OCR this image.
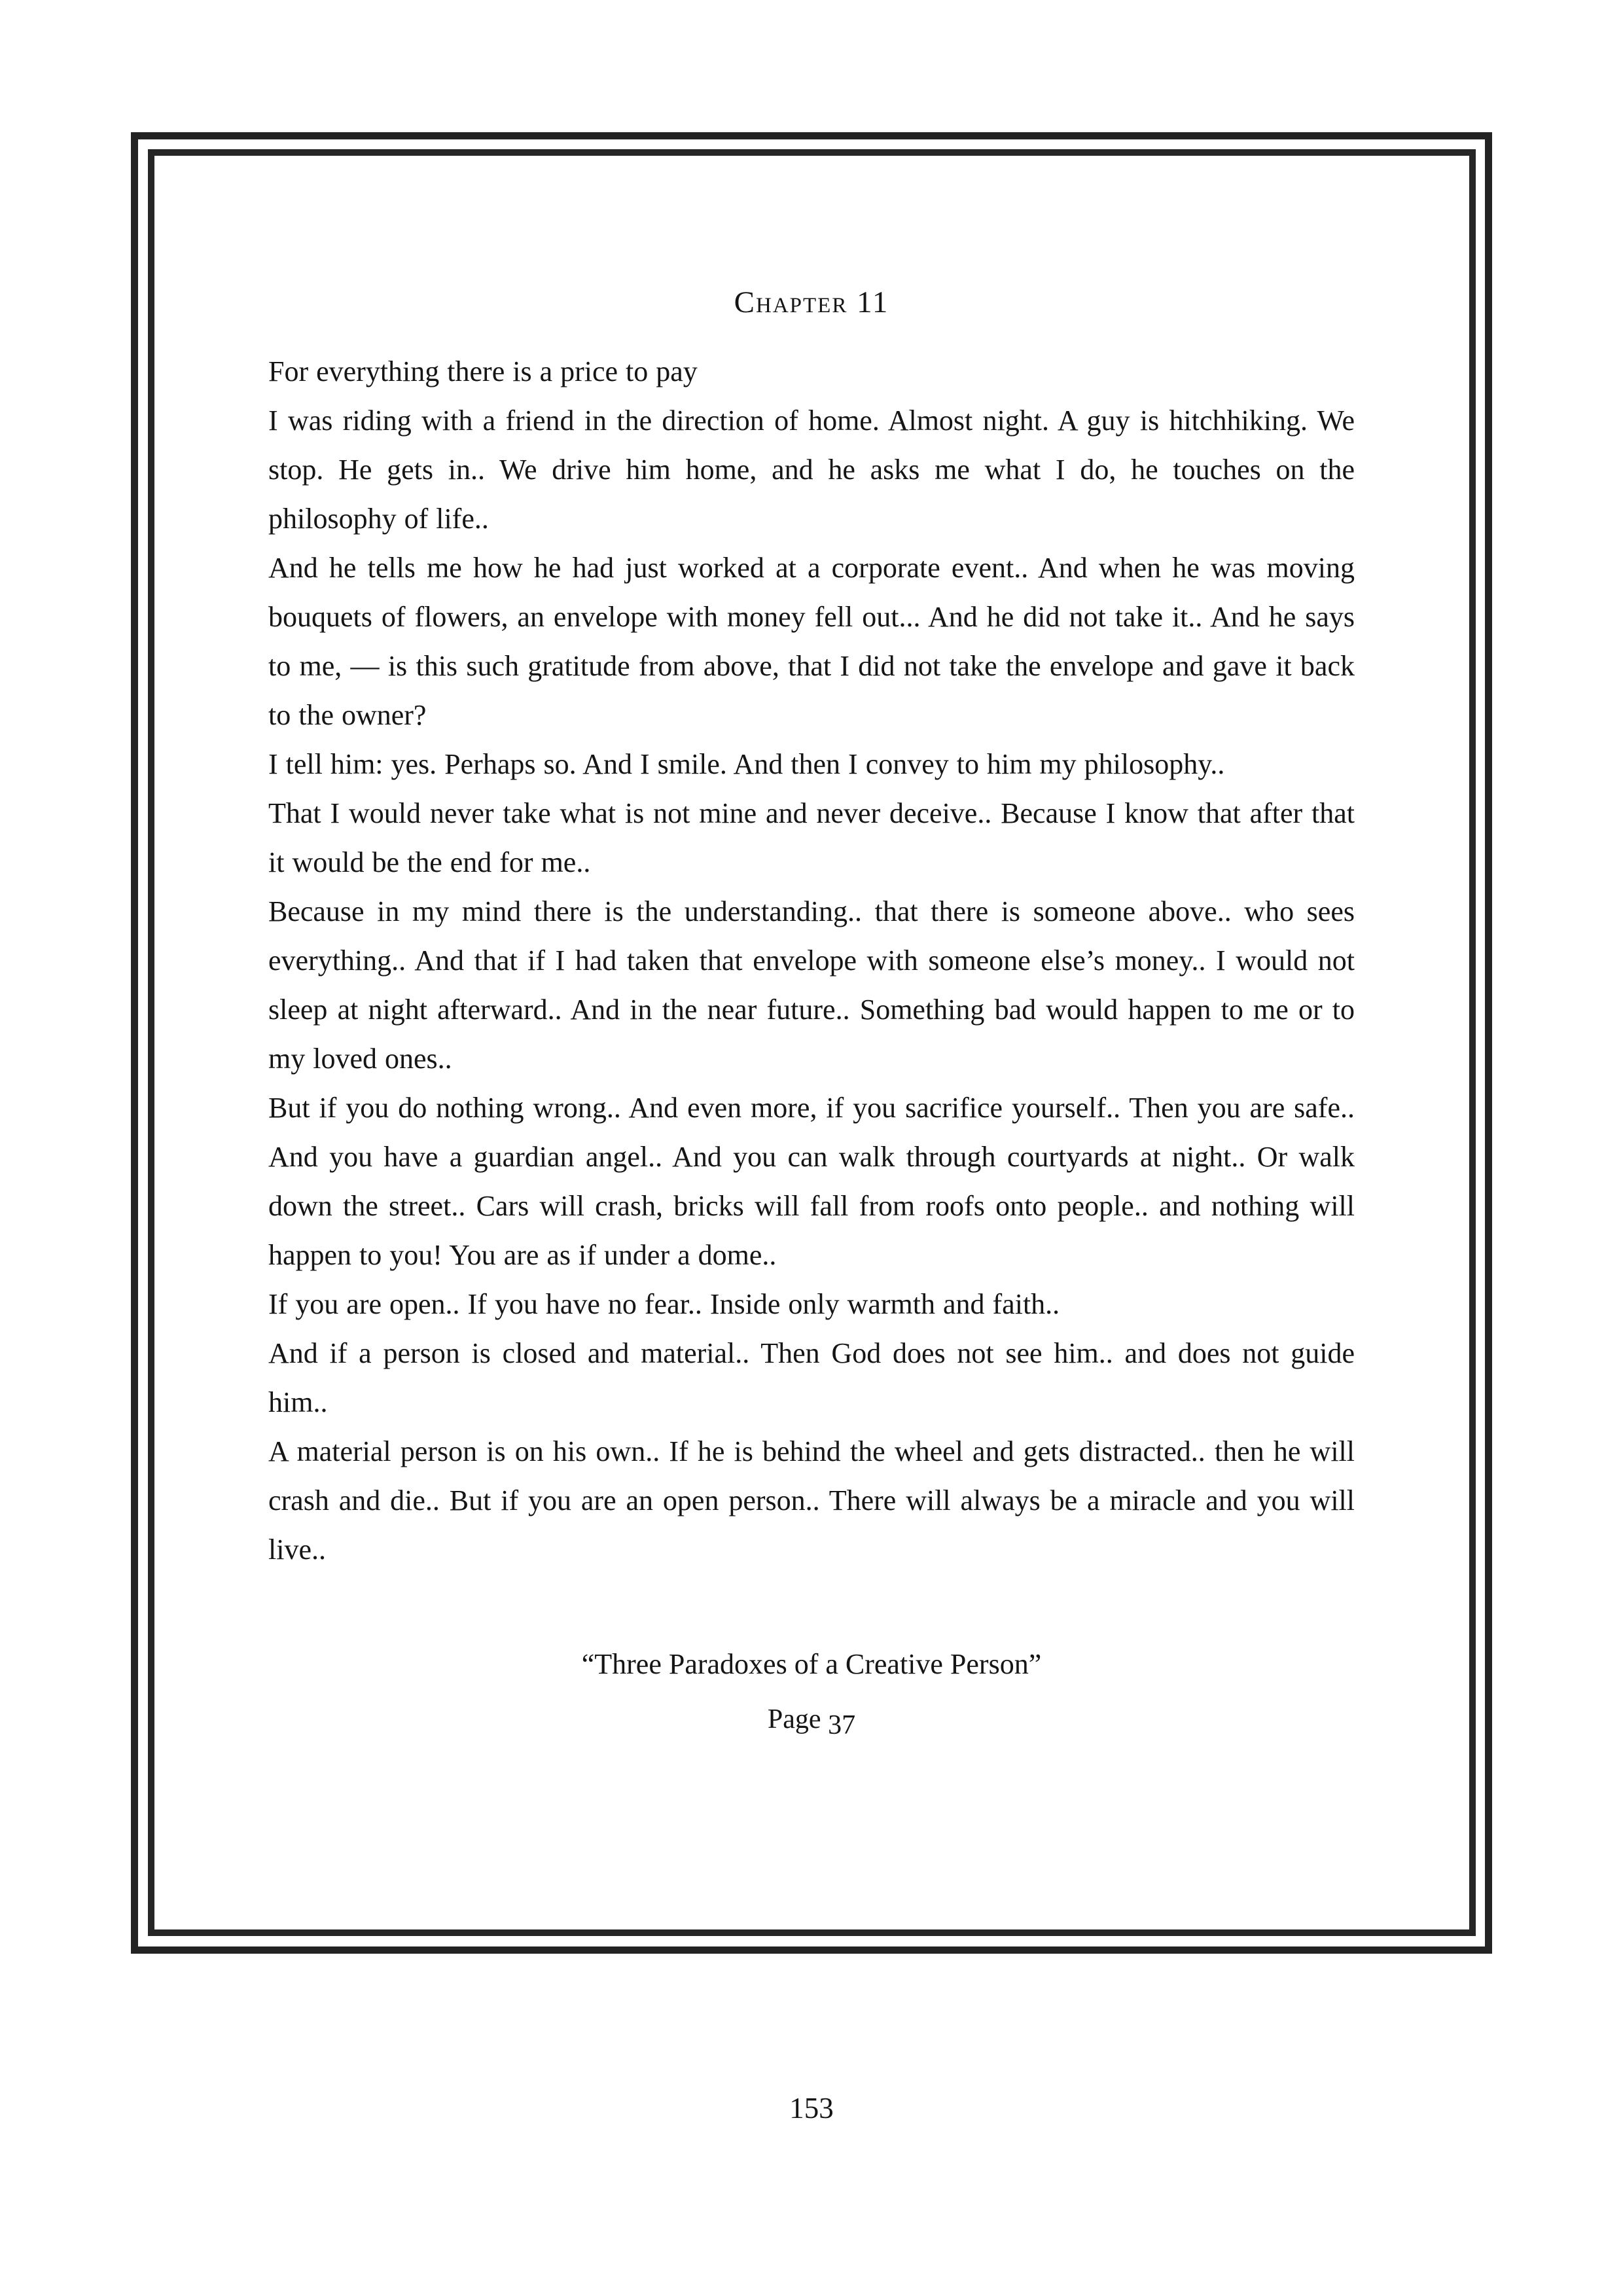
Chapter 11

For everything there is a price to pay

I was riding with a friend in the direction of home. Almost night. A guy is hitchhiking. We stop. He gets in.. We drive him home, and he asks me what I do, he touches on the philosophy of life..

And he tells me how he had just worked at a corporate event.. And when he was moving bouquets of flowers, an envelope with money fell out... And he did not take it.. And he says to me, — is this such gratitude from above, that I did not take the envelope and gave it back to the owner?

I tell him: yes. Perhaps so. And I smile. And then I convey to him my philosophy..

That I would never take what is not mine and never deceive.. Because I know that after that it would be the end for me..

Because in my mind there is the understanding.. that there is someone above.. who sees everything.. And that if I had taken that envelope with someone else’s money.. I would not sleep at night afterward.. And in the near future.. Something bad would happen to me or to my loved ones..

But if you do nothing wrong.. And even more, if you sacrifice yourself.. Then you are safe.. And you have a guardian angel.. And you can walk through courtyards at night.. Or walk down the street.. Cars will crash, bricks will fall from roofs onto people.. and nothing will happen to you! You are as if under a dome..

If you are open.. If you have no fear.. Inside only warmth and faith..

And if a person is closed and material.. Then God does not see him.. and does not guide him..

A material person is on his own.. If he is behind the wheel and gets distracted.. then he will crash and die.. But if you are an open person.. There will always be a miracle and you will live..

“Three Paradoxes of a Creative Person”
Page 37
153
